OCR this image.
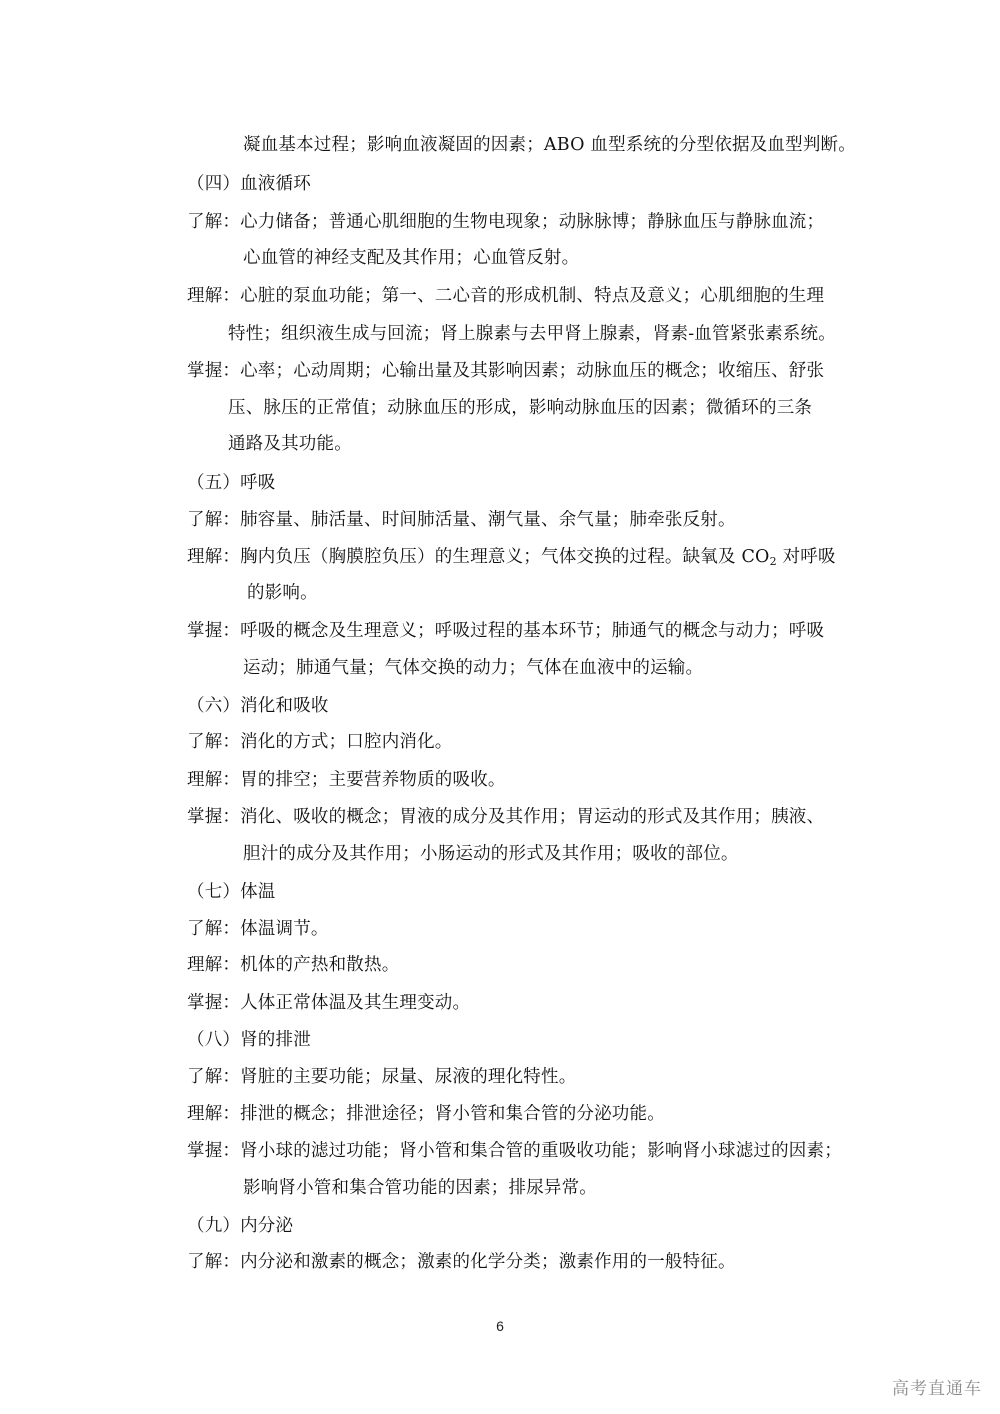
凝血基本过程；影响血液凝固的因素；ABO 血型系统的分型依据及血型判断。
（四）血液循环
了解：心力储备；普通心肌细胞的生物电现象；动脉脉博；静脉血压与静脉血流；
心血管的神经支配及其作用；心血管反射。
理解：心脏的泵血功能；第一、二心音的形成机制、特点及意义；心肌细胞的生理
特性；组织液生成与回流；肾上腺素与去甲肾上腺素，肾素-血管紧张素系统。
掌握：心率；心动周期；心输出量及其影响因素；动脉血压的概念；收缩压、舒张
压、脉压的正常值；动脉血压的形成，影响动脉血压的因素；微循环的三条
通路及其功能。
（五）呼吸
了解：肺容量、肺活量、时间肺活量、潮气量、余气量；肺牵张反射。
理解：胸内负压（胸膜腔负压）的生理意义；气体交换的过程。缺氧及 $CO_2$ 对呼吸
的影响。
掌握：呼吸的概念及生理意义；呼吸过程的基本环节；肺通气的概念与动力；呼吸
运动；肺通气量；气体交换的动力；气体在血液中的运输。
（六）消化和吸收
了解：消化的方式；口腔内消化。
理解：胃的排空；主要营养物质的吸收。
掌握：消化、吸收的概念；胃液的成分及其作用；胃运动的形式及其作用；胰液、
胆汁的成分及其作用；小肠运动的形式及其作用；吸收的部位。
（七）体温
了解：体温调节。
理解：机体的产热和散热。
掌握：人体正常体温及其生理变动。
（八）肾的排泄
了解：肾脏的主要功能；尿量、尿液的理化特性。
理解：排泄的概念；排泄途径；肾小管和集合管的分泌功能。
掌握：肾小球的滤过功能；肾小管和集合管的重吸收功能；影响肾小球滤过的因素；
影响肾小管和集合管功能的因素；排尿异常。
（九）内分泌
了解：内分泌和激素的概念；激素的化学分类；激素作用的一般特征。
6
高考直通车
